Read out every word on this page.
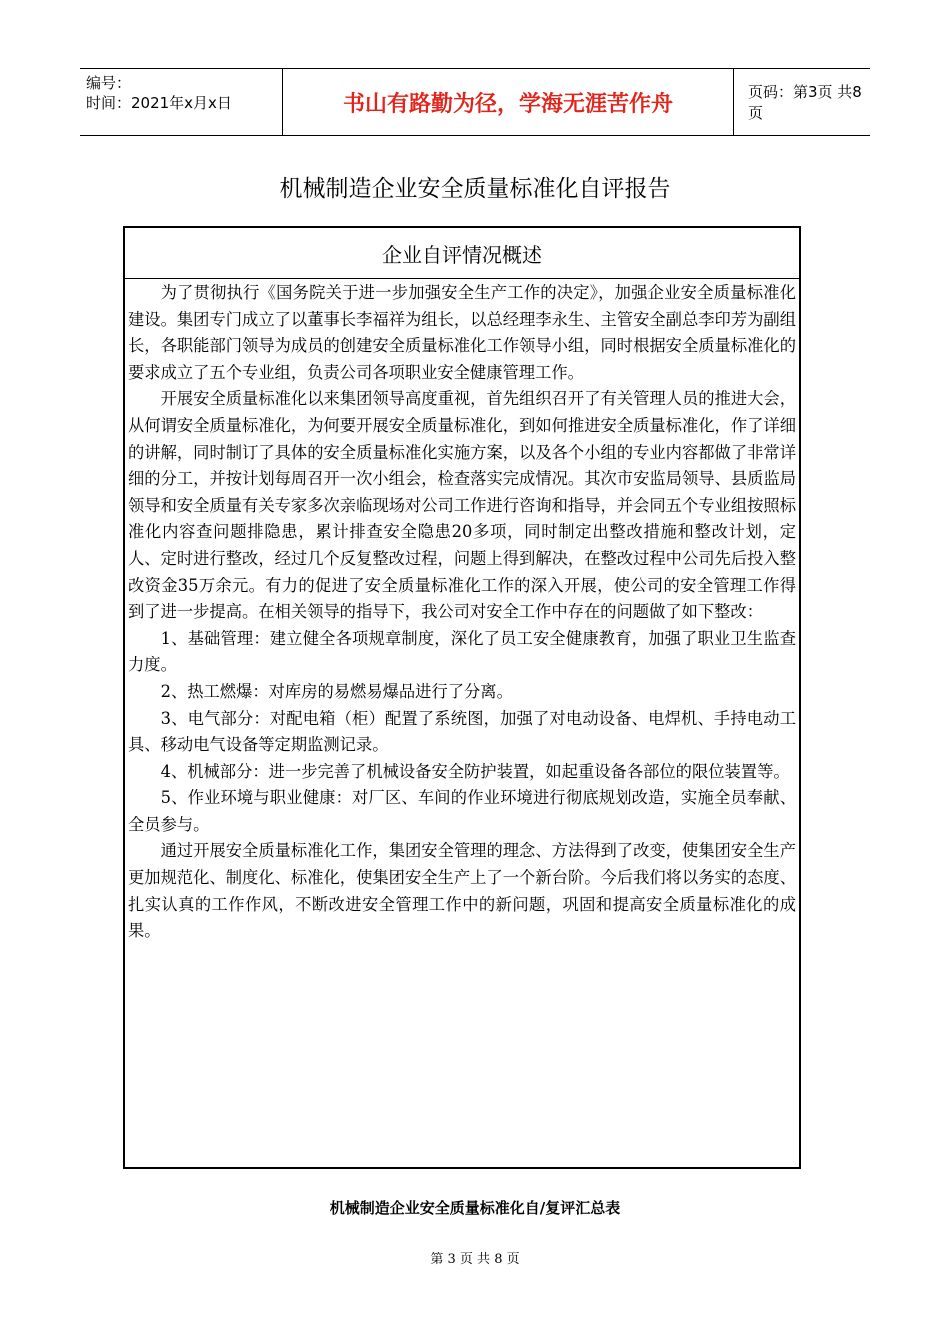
编号：
时间：2021年x月x日	书山有路勤为径，学海无涯苦作舟	页码：第3页 共8页
机械制造企业安全质量标准化自评报告
企业自评情况概述

为了贯彻执行《国务院关于进一步加强安全生产工作的决定》，加强企业安全质量标准化建设。集团专门成立了以董事长李福祥为组长，以总经理李永生、主管安全副总李印芳为副组长，各职能部门领导为成员的创建安全质量标准化工作领导小组，同时根据安全质量标准化的要求成立了五个专业组，负责公司各项职业安全健康管理工作。

开展安全质量标准化以来集团领导高度重视，首先组织召开了有关管理人员的推进大会，从何谓安全质量标准化，为何要开展安全质量标准化，到如何推进安全质量标准化，作了详细的讲解，同时制订了具体的安全质量标准化实施方案，以及各个小组的专业内容都做了非常详细的分工，并按计划每周召开一次小组会，检查落实完成情况。其次市安监局领导、县质监局领导和安全质量有关专家多次亲临现场对公司工作进行咨询和指导，并会同五个专业组按照标准化内容查问题排隐患，累计排查安全隐患20多项，同时制定出整改措施和整改计划，定人、定时进行整改，经过几个反复整改过程，问题上得到解决，在整改过程中公司先后投入整改资金35万余元。有力的促进了安全质量标准化工作的深入开展，使公司的安全管理工作得到了进一步提高。在相关领导的指导下，我公司对安全工作中存在的问题做了如下整改：

1、基础管理：建立健全各项规章制度，深化了员工安全健康教育，加强了职业卫生监查力度。

2、热工燃爆：对库房的易燃易爆品进行了分离。

3、电气部分：对配电箱（柜）配置了系统图，加强了对电动设备、电焊机、手持电动工具、移动电气设备等定期监测记录。

4、机械部分：进一步完善了机械设备安全防护装置，如起重设备各部位的限位装置等。

5、作业环境与职业健康：对厂区、车间的作业环境进行彻底规划改造，实施全员奉献、全员参与。

通过开展安全质量标准化工作，集团安全管理的理念、方法得到了改变，使集团安全生产更加规范化、制度化、标准化，使集团安全生产上了一个新台阶。今后我们将以务实的态度、扎实认真的工作作风，不断改进安全管理工作中的新问题，巩固和提高安全质量标准化的成果。

机械制造企业安全质量标准化自/复评汇总表
第 3 页 共 8 页
